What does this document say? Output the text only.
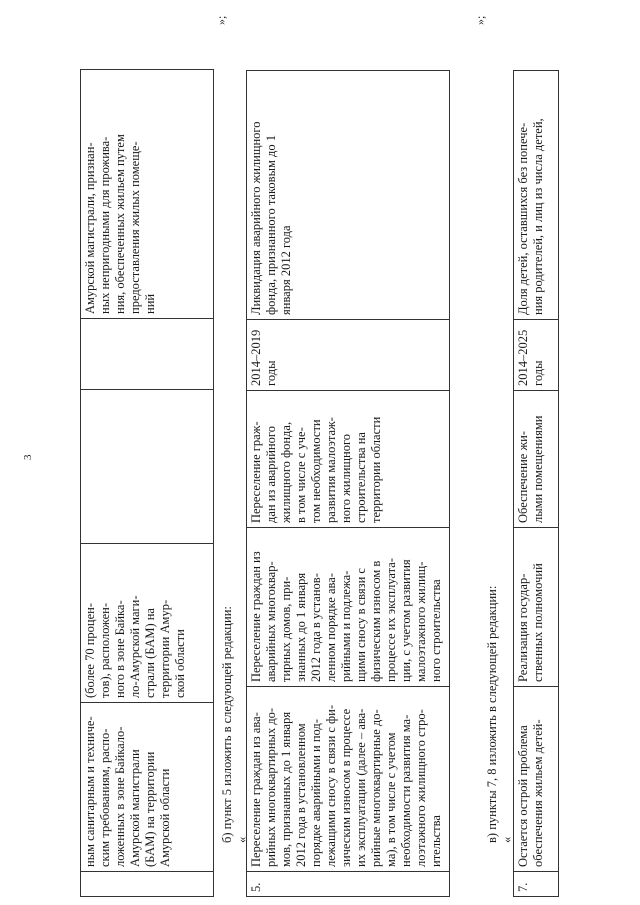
3
	ным санитарным и техниче-
ским требованиям, распо-
ложенных в зоне Байкало-
Амурской магистрали
(БАМ) на территории
Амурской области	(более 70 процен-
тов), расположен-
ного в зоне Байка-
ло-Амурской маги-
страли (БАМ) на
территории Амур-
ской области			Амурской магистрали, признан-
ных непригодными для прожива-
ния, обеспеченных жильем путем
предоставления жилых помеще-
ний
»;
б) пункт 5 изложить в следующей редакции:
«
5.	Переселение граждан из ава-
рийных многоквартирных до-
мов, признанных до 1 января
2012 года в установленном
порядке аварийными и под-
лежащими сносу в связи с фи-
зическим износом в процессе
их эксплуатации (далее – ава-
рийные многоквартирные до-
ма), в том числе с учетом
необходимости развития ма-
лоэтажного жилищного стро-
ительства	Переселение граждан из
аварийных многоквар-
тирных домов, при-
знанных до 1 января
2012 года в установ-
ленном порядке ава-
рийными и подлежа-
щими сносу в связи с
физическим износом в
процессе их эксплуата-
ции, с учетом развития
малоэтажного жилищ-
ного строительства	Переселение граж-
дан из аварийного
жилищного фонда,
в том числе с уче-
том необходимости
развития малоэтаж-
ного жилищного
строительства на
территории области	2014–2019
годы	Ликвидация аварийного жилищного
фонда, признанного таковым до 1
января 2012 года
»;
в) пункты 7, 8 изложить в следующей редакции:
«
7.	Остается острой проблема
обеспечения жильем детей-	Реализация государ-
ственных полномочий	Обеспечение жи-
лыми помещениями	2014–2025
годы	Доля детей, оставшихся без попече-
ния родителей, и лиц из числа детей,
